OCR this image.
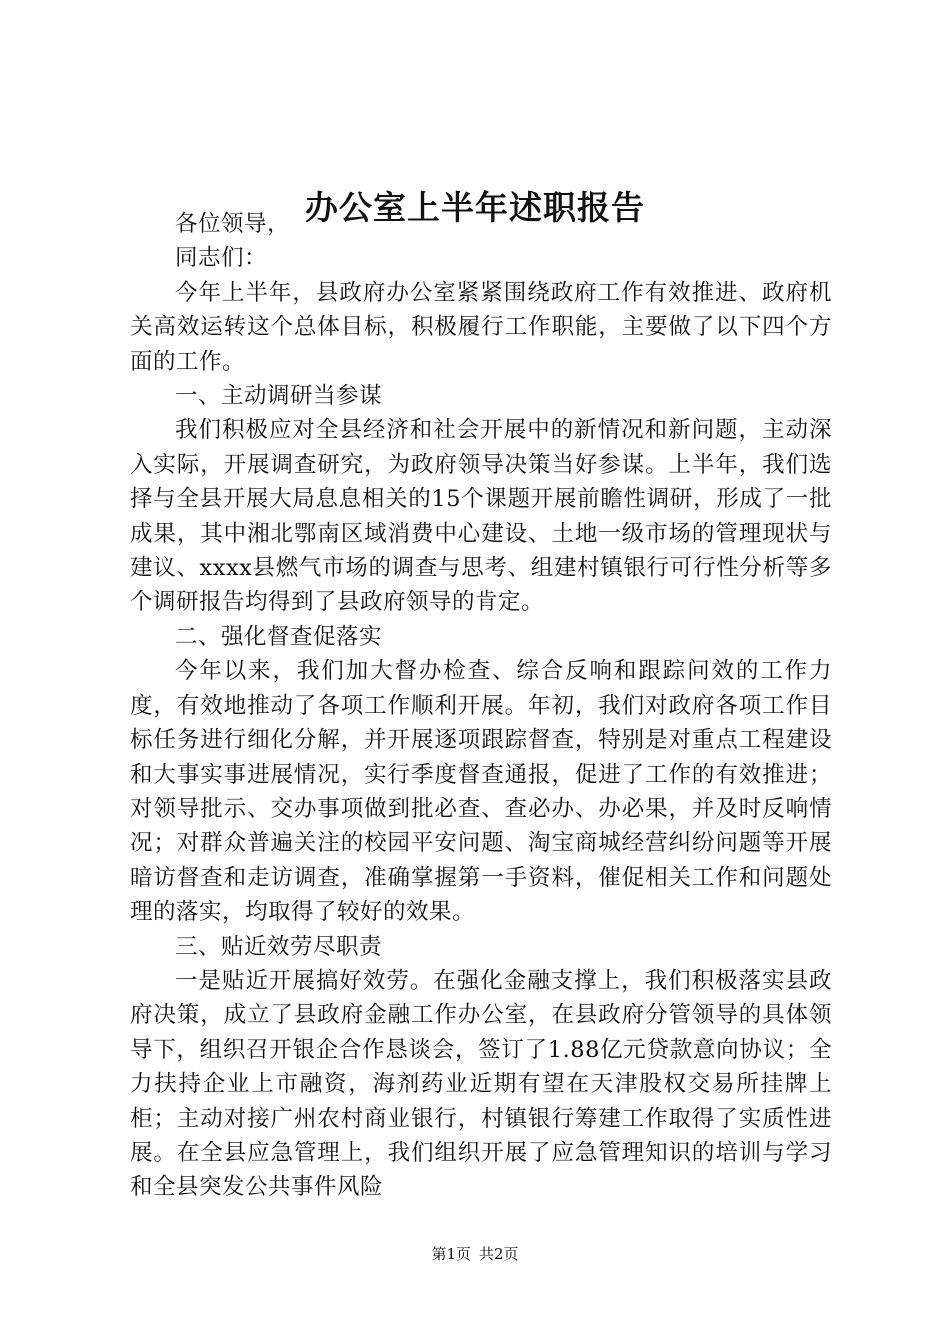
办公室上半年述职报告

各位领导，

同志们：

今年上半年，县政府办公室紧紧围绕政府工作有效推进、政府机关高效运转这个总体目标，积极履行工作职能，主要做了以下四个方面的工作。

一、主动调研当参谋

我们积极应对全县经济和社会开展中的新情况和新问题，主动深入实际，开展调查研究，为政府领导决策当好参谋。上半年，我们选择与全县开展大局息息相关的15个课题开展前瞻性调研，形成了一批成果，其中湘北鄂南区域消费中心建设、土地一级市场的管理现状与建议、xxxx县燃气市场的调查与思考、组建村镇银行可行性分析等多个调研报告均得到了县政府领导的肯定。

二、强化督查促落实

今年以来，我们加大督办检查、综合反响和跟踪问效的工作力度，有效地推动了各项工作顺利开展。年初，我们对政府各项工作目标任务进行细化分解，并开展逐项跟踪督查，特别是对重点工程建设和大事实事进展情况，实行季度督查通报，促进了工作的有效推进；对领导批示、交办事项做到批必查、查必办、办必果，并及时反响情况；对群众普遍关注的校园平安问题、淘宝商城经营纠纷问题等开展暗访督查和走访调查，准确掌握第一手资料，催促相关工作和问题处理的落实，均取得了较好的效果。

三、贴近效劳尽职责

一是贴近开展搞好效劳。在强化金融支撑上，我们积极落实县政府决策，成立了县政府金融工作办公室，在县政府分管领导的具体领导下，组织召开银企合作恳谈会，签订了1.88亿元贷款意向协议；全力扶持企业上市融资，海剂药业近期有望在天津股权交易所挂牌上柜；主动对接广州农村商业银行，村镇银行筹建工作取得了实质性进展。在全县应急管理上，我们组织开展了应急管理知识的培训与学习和全县突发公共事件风险

第1页 共2页
